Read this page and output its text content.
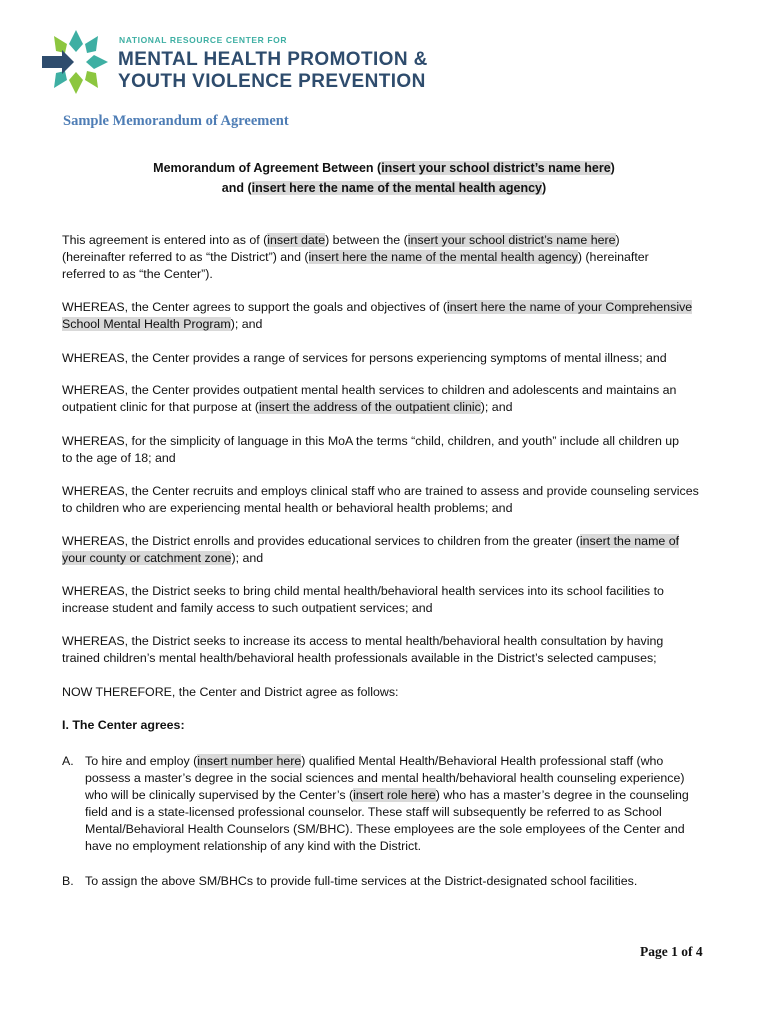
NATIONAL RESOURCE CENTER FOR
MENTAL HEALTH PROMOTION &
YOUTH VIOLENCE PREVENTION
Sample Memorandum of Agreement
Memorandum of Agreement Between (insert your school district’s name here)
and (insert here the name of the mental health agency)
This agreement is entered into as of (insert date) between the (insert your school district’s name here)
(hereinafter referred to as “the District”) and (insert here the name of the mental health agency) (hereinafter
referred to as “the Center”).
WHEREAS, the Center agrees to support the goals and objectives of (insert here the name of your Comprehensive
School Mental Health Program); and
WHEREAS, the Center provides a range of services for persons experiencing symptoms of mental illness; and
WHEREAS, the Center provides outpatient mental health services to children and adolescents and maintains an
outpatient clinic for that purpose at (insert the address of the outpatient clinic); and
WHEREAS, for the simplicity of language in this MoA the terms “child, children, and youth” include all children up
to the age of 18; and
WHEREAS, the Center recruits and employs clinical staff who are trained to assess and provide counseling services
to children who are experiencing mental health or behavioral health problems; and
WHEREAS, the District enrolls and provides educational services to children from the greater (insert the name of
your county or catchment zone); and
WHEREAS, the District seeks to bring child mental health/behavioral health services into its school facilities to
increase student and family access to such outpatient services; and
WHEREAS, the District seeks to increase its access to mental health/behavioral health consultation by having
trained children’s mental health/behavioral health professionals available in the District’s selected campuses;
NOW THEREFORE, the Center and District agree as follows:
I. The Center agrees:
A. To hire and employ (insert number here) qualified Mental Health/Behavioral Health professional staff (who
possess a master’s degree in the social sciences and mental health/behavioral health counseling experience)
who will be clinically supervised by the Center’s (insert role here) who has a master’s degree in the counseling
field and is a state-licensed professional counselor. These staff will subsequently be referred to as School
Mental/Behavioral Health Counselors (SM/BHC). These employees are the sole employees of the Center and
have no employment relationship of any kind with the District.
B. To assign the above SM/BHCs to provide full-time services at the District-designated school facilities.
Page 1 of 4
